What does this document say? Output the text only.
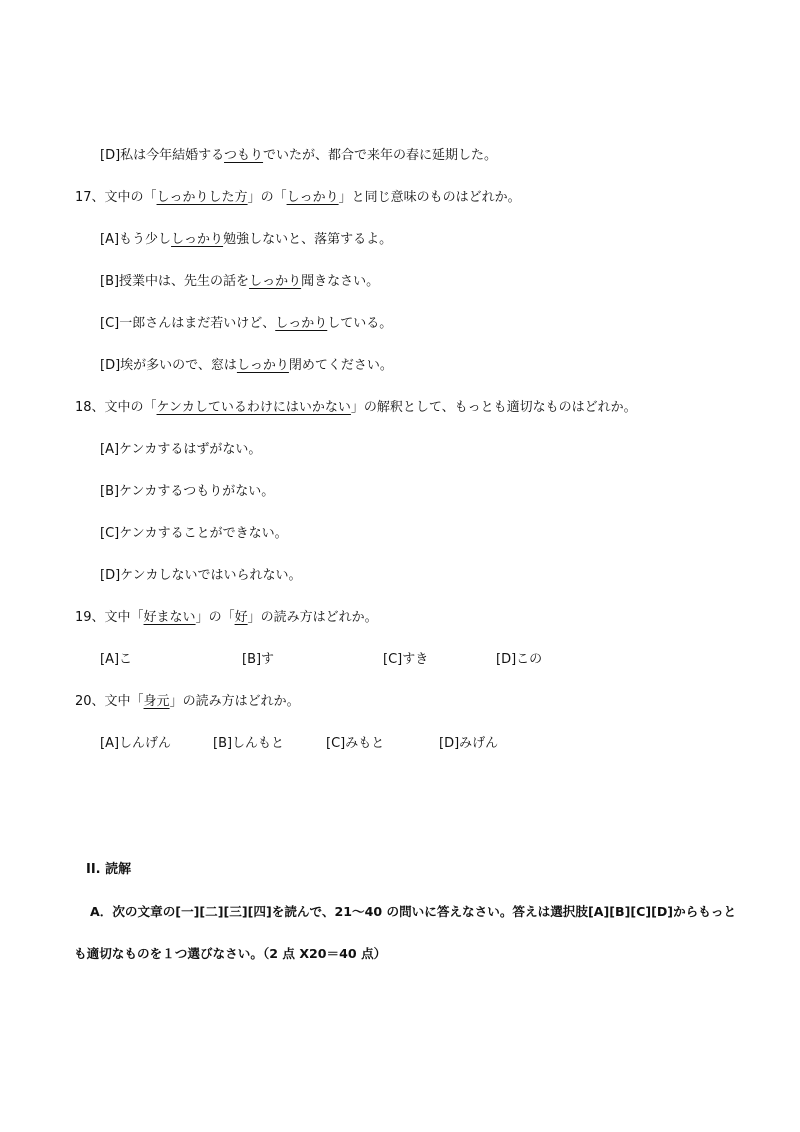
[D]私は今年結婚するつもりでいたが、都合で来年の春に延期した。
17、文中の「しっかりした方」の「しっかり」と同じ意味のものはどれか。
[A]もう少ししっかり勉強しないと、落第するよ。
[B]授業中は、先生の話をしっかり聞きなさい。
[C]一郎さんはまだ若いけど、しっかりしている。
[D]埃が多いので、窓はしっかり閉めてください。
18、文中の「ケンカしているわけにはいかない」の解釈として、もっとも適切なものはどれか。
[A]ケンカするはずがない。
[B]ケンカするつもりがない。
[C]ケンカすることができない。
[D]ケンカしないではいられない。
19、文中「好まない」の「好」の読み方はどれか。
[A]こ	[B]す	[C]すき	[D]この
20、文中「身元」の読み方はどれか。
[A]しんげん	[B]しんもと	[C]みもと	[D]みげん
II. 読解
A．次の文章の[一][二][三][四]を読んで、21～40 の問いに答えなさい。答えは選択肢[A][B][C][D]からもっと
も適切なものを１つ選びなさい。（2 点 X20＝40 点）
